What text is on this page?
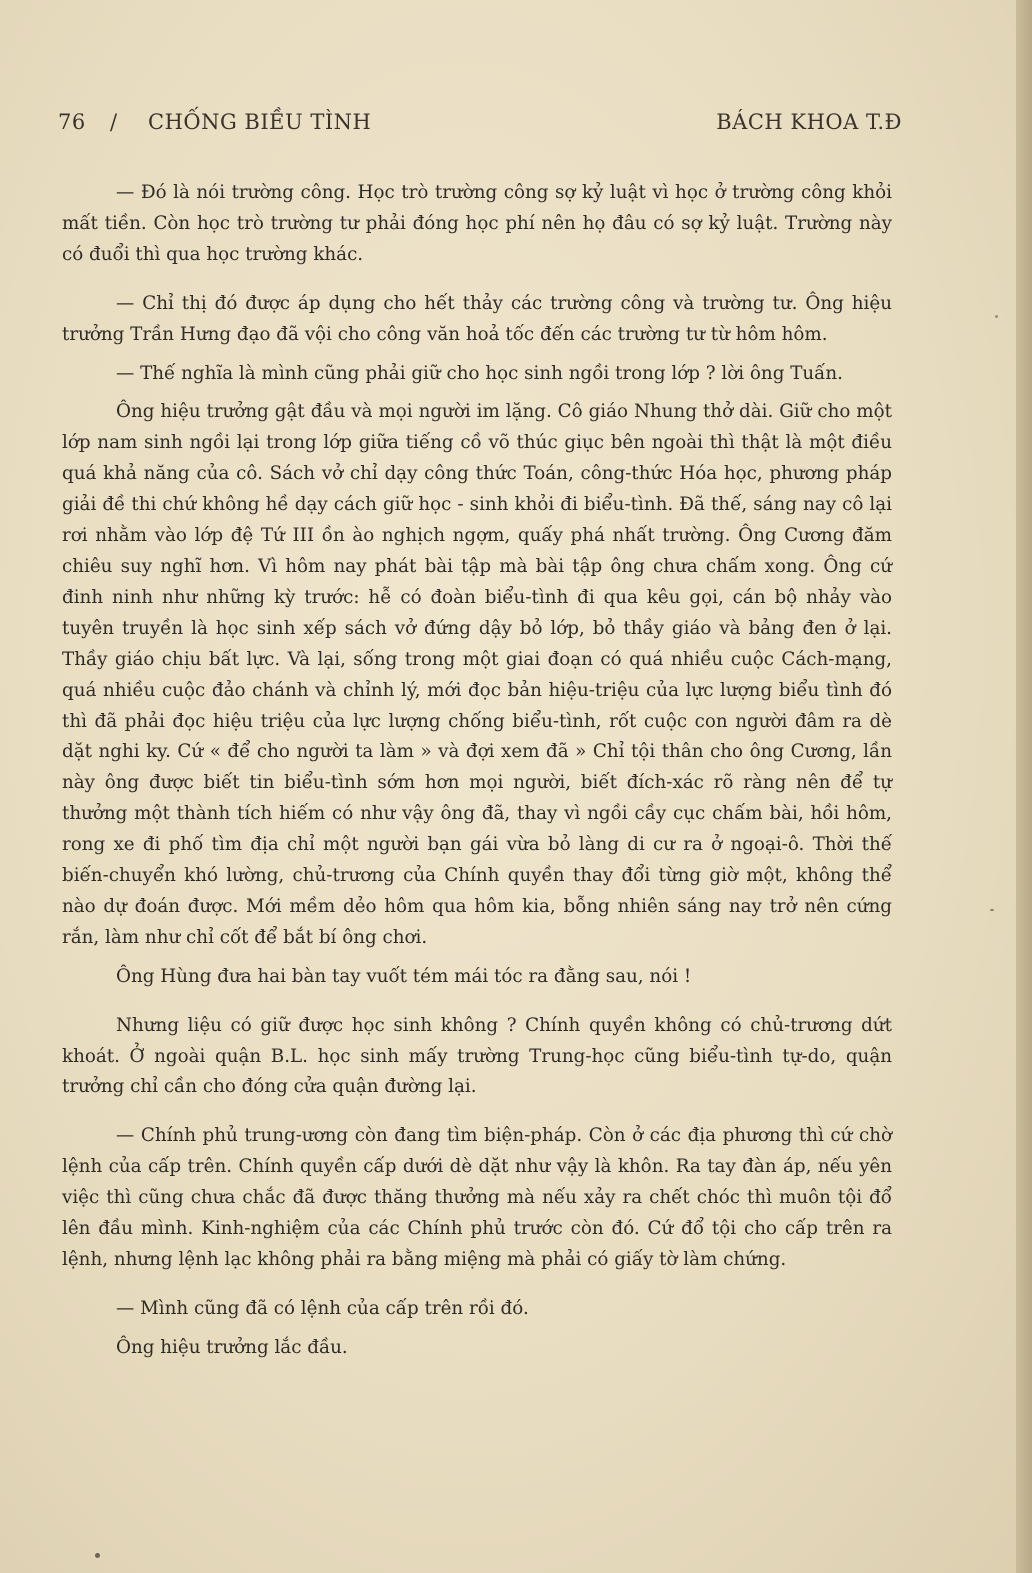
76 / CHỐNG BIỀU TÌNH	BÁCH KHOA T.Đ

— Đó là nói trường công. Học trò trường công sợ kỷ luật vì học ở trường công khỏi mất tiền. Còn học trò trường tư phải đóng học phí nên họ đâu có sợ kỷ luật. Trường này có đuổi thì qua học trường khác.

— Chỉ thị đó được áp dụng cho hết thảy các trường công và trường tư. Ông hiệu trưởng Trần Hưng đạo đã vội cho công văn hoả tốc đến các trường tư từ hôm hôm.

— Thế nghĩa là mình cũng phải giữ cho học sinh ngồi trong lớp ? lời ông Tuấn.

Ông hiệu trưởng gật đầu và mọi người im lặng. Cô giáo Nhung thở dài. Giữ cho một lớp nam sinh ngồi lại trong lớp giữa tiếng cồ võ thúc giục bên ngoài thì thật là một điều quá khả năng của cô. Sách vở chỉ dạy công thức Toán, công-thức Hóa học, phương pháp giải đề thi chứ không hề dạy cách giữ học - sinh khỏi đi biểu-tình. Đã thế, sáng nay cô lại rơi nhằm vào lớp đệ Tứ III ồn ào nghịch ngợm, quấy phá nhất trường. Ông Cương đăm chiêu suy nghĩ hơn. Vì hôm nay phát bài tập mà bài tập ông chưa chấm xong. Ông cứ đinh ninh như những kỳ trước: hễ có đoàn biểu-tình đi qua kêu gọi, cán bộ nhảy vào tuyên truyền là học sinh xếp sách vở đứng dậy bỏ lớp, bỏ thầy giáo và bảng đen ở lại. Thầy giáo chịu bất lực. Và lại, sống trong một giai đoạn có quá nhiều cuộc Cách-mạng, quá nhiều cuộc đảo chánh và chỉnh lý, mới đọc bản hiệu-triệu của lực lượng biểu tình đó thì đã phải đọc hiệu triệu của lực lượng chống biểu-tình, rốt cuộc con người đâm ra dè dặt nghi ky. Cứ « để cho người ta làm » và đợi xem đã » Chỉ tội thân cho ông Cương, lần này ông được biết tin biểu-tình sớm hơn mọi người, biết đích-xác rõ ràng nên để tự thưởng một thành tích hiếm có như vậy ông đã, thay vì ngồi cầy cục chấm bài, hồi hôm, rong xe đi phố tìm địa chỉ một người bạn gái vừa bỏ làng di cư ra ở ngoại-ô. Thời thế biến-chuyển khó lường, chủ-trương của Chính quyền thay đổi từng giờ một, không thể nào dự đoán được. Mới mềm dẻo hôm qua hôm kia, bỗng nhiên sáng nay trở nên cứng rắn, làm như chỉ cốt để bắt bí ông chơi.

Ông Hùng đưa hai bàn tay vuốt tém mái tóc ra đằng sau, nói !

Nhưng liệu có giữ được học sinh không ? Chính quyền không có chủ-trương dứt khoát. Ở ngoài quận B.L. học sinh mấy trường Trung-học cũng biểu-tình tự-do, quận trưởng chỉ cần cho đóng cửa quận đường lại.

— Chính phủ trung-ương còn đang tìm biện-pháp. Còn ở các địa phương thì cứ chờ lệnh của cấp trên. Chính quyền cấp dưới dè dặt như vậy là khôn. Ra tay đàn áp, nếu yên việc thì cũng chưa chắc đã được thăng thưởng mà nếu xảy ra chết chóc thì muôn tội đổ lên đầu mình. Kinh-nghiệm của các Chính phủ trước còn đó. Cứ đổ tội cho cấp trên ra lệnh, nhưng lệnh lạc không phải ra bằng miệng mà phải có giấy tờ làm chứng.

— Mình cũng đã có lệnh của cấp trên rồi đó.

Ông hiệu trưởng lắc đầu.
